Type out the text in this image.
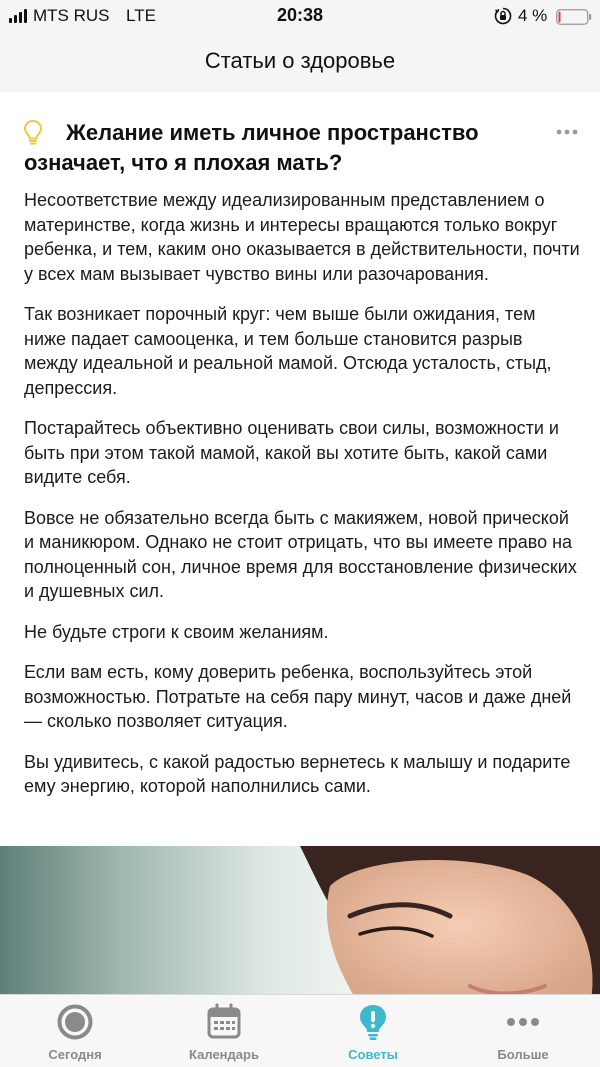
MTS RUS LTE	20:38	4 %
Статьи о здоровье
Желание иметь личное пространство означает, что я плохая мать?

Несоответствие между идеализированным представлением о материнстве, когда жизнь и интересы вращаются только вокруг ребенка, и тем, каким оно оказывается в действительности, почти у всех мам вызывает чувство вины или разочарования.

Так возникает порочный круг: чем выше были ожидания, тем ниже падает самооценка, и тем больше становится разрыв между идеальной и реальной мамой. Отсюда усталость, стыд, депрессия.

Постарайтесь объективно оценивать свои силы, возможности и быть при этом такой мамой, какой вы хотите быть, какой сами видите себя.

Вовсе не обязательно всегда быть с макияжем, новой прической и маникюром. Однако не стоит отрицать, что вы имеете право на полноценный сон, личное время для восстановление физических и душевных сил.

Не будьте строги к своим желаниям.

Если вам есть, кому доверить ребенка, воспользуйтесь этой возможностью. Потратьте на себя пару минут, часов и даже дней — сколько позволяет ситуация.

Вы удивитесь, с какой радостью вернетесь к малышу и подарите ему энергию, которой наполнились сами.

Сегодня	Календарь	Советы	Больше
